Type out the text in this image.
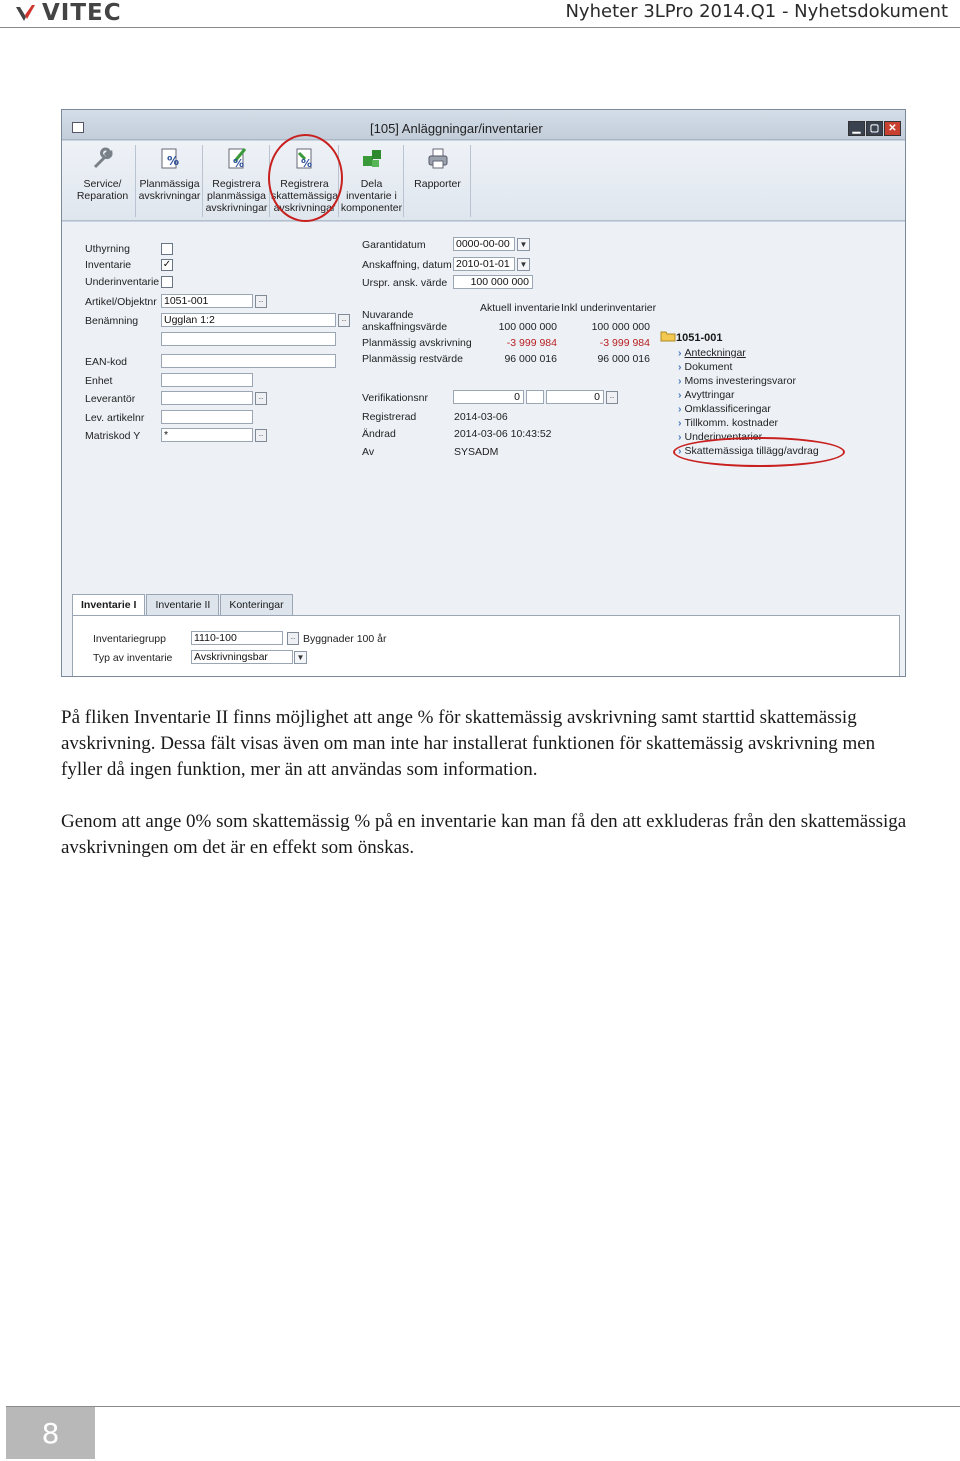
VITEC	Nyheter 3LPro 2014.Q1 - Nyhetsdokument
[105] Anläggningar/inventarier	▁ ▢ ✕
Service/
Reparation
%
Planmässiga
avskrivningar
%
Registrera
planmässiga
avskrivningar
%
Registrera
skattemässiga
avskrivningar
Dela
inventarie i
komponenter
Rapporter
Uthyrning
Inventarie	✓
Underinventarie
Artikel/Objektnr 1051-001	..
Benämning Ugglan 1:2	..
EAN-kod
Enhet
Leverantör	..
Lev. artikelnr
Matriskod Y *	..
Garantidatum	0000-00-00	▼
Anskaffning, datum 2010-01-01	▼
Urspr. ansk. värde	100 000 000
Aktuell inventarie Inkl underinventarier
Nuvarande
anskaffningsvärde	100 000 000	100 000 000
Planmässig avskrivning	-3 999 984	-3 999 984
Planmässig restvärde	96 000 016	96 000 016
Verifikationsnr	0	0	..
Registrerad	2014-03-06
Ändrad	2014-03-06 10:43:52
Av	SYSADM
1051-001
› Anteckningar
› Dokument
› Moms investeringsvaror
› Avyttringar
› Omklassificeringar
› Tillkomm. kostnader
› Underinventarier
› Skattemässiga tillägg/avdrag
Inventarie I	Inventarie II	Konteringar
Inventariegrupp	1110-100	.. Byggnader 100 år
Typ av inventarie Avskrivningsbar	▼

På fliken Inventarie II finns möjlighet att ange % för skattemässig avskrivning samt starttid skattemässig avskrivning. Dessa fält visas även om man inte har installerat funktionen för skattemässig avskrivning men fyller då ingen funktion, mer än att användas som information.

Genom att ange 0% som skattemässig % på en inventarie kan man få den att exkluderas från den skattemässiga avskrivningen om det är en effekt som önskas.

8
